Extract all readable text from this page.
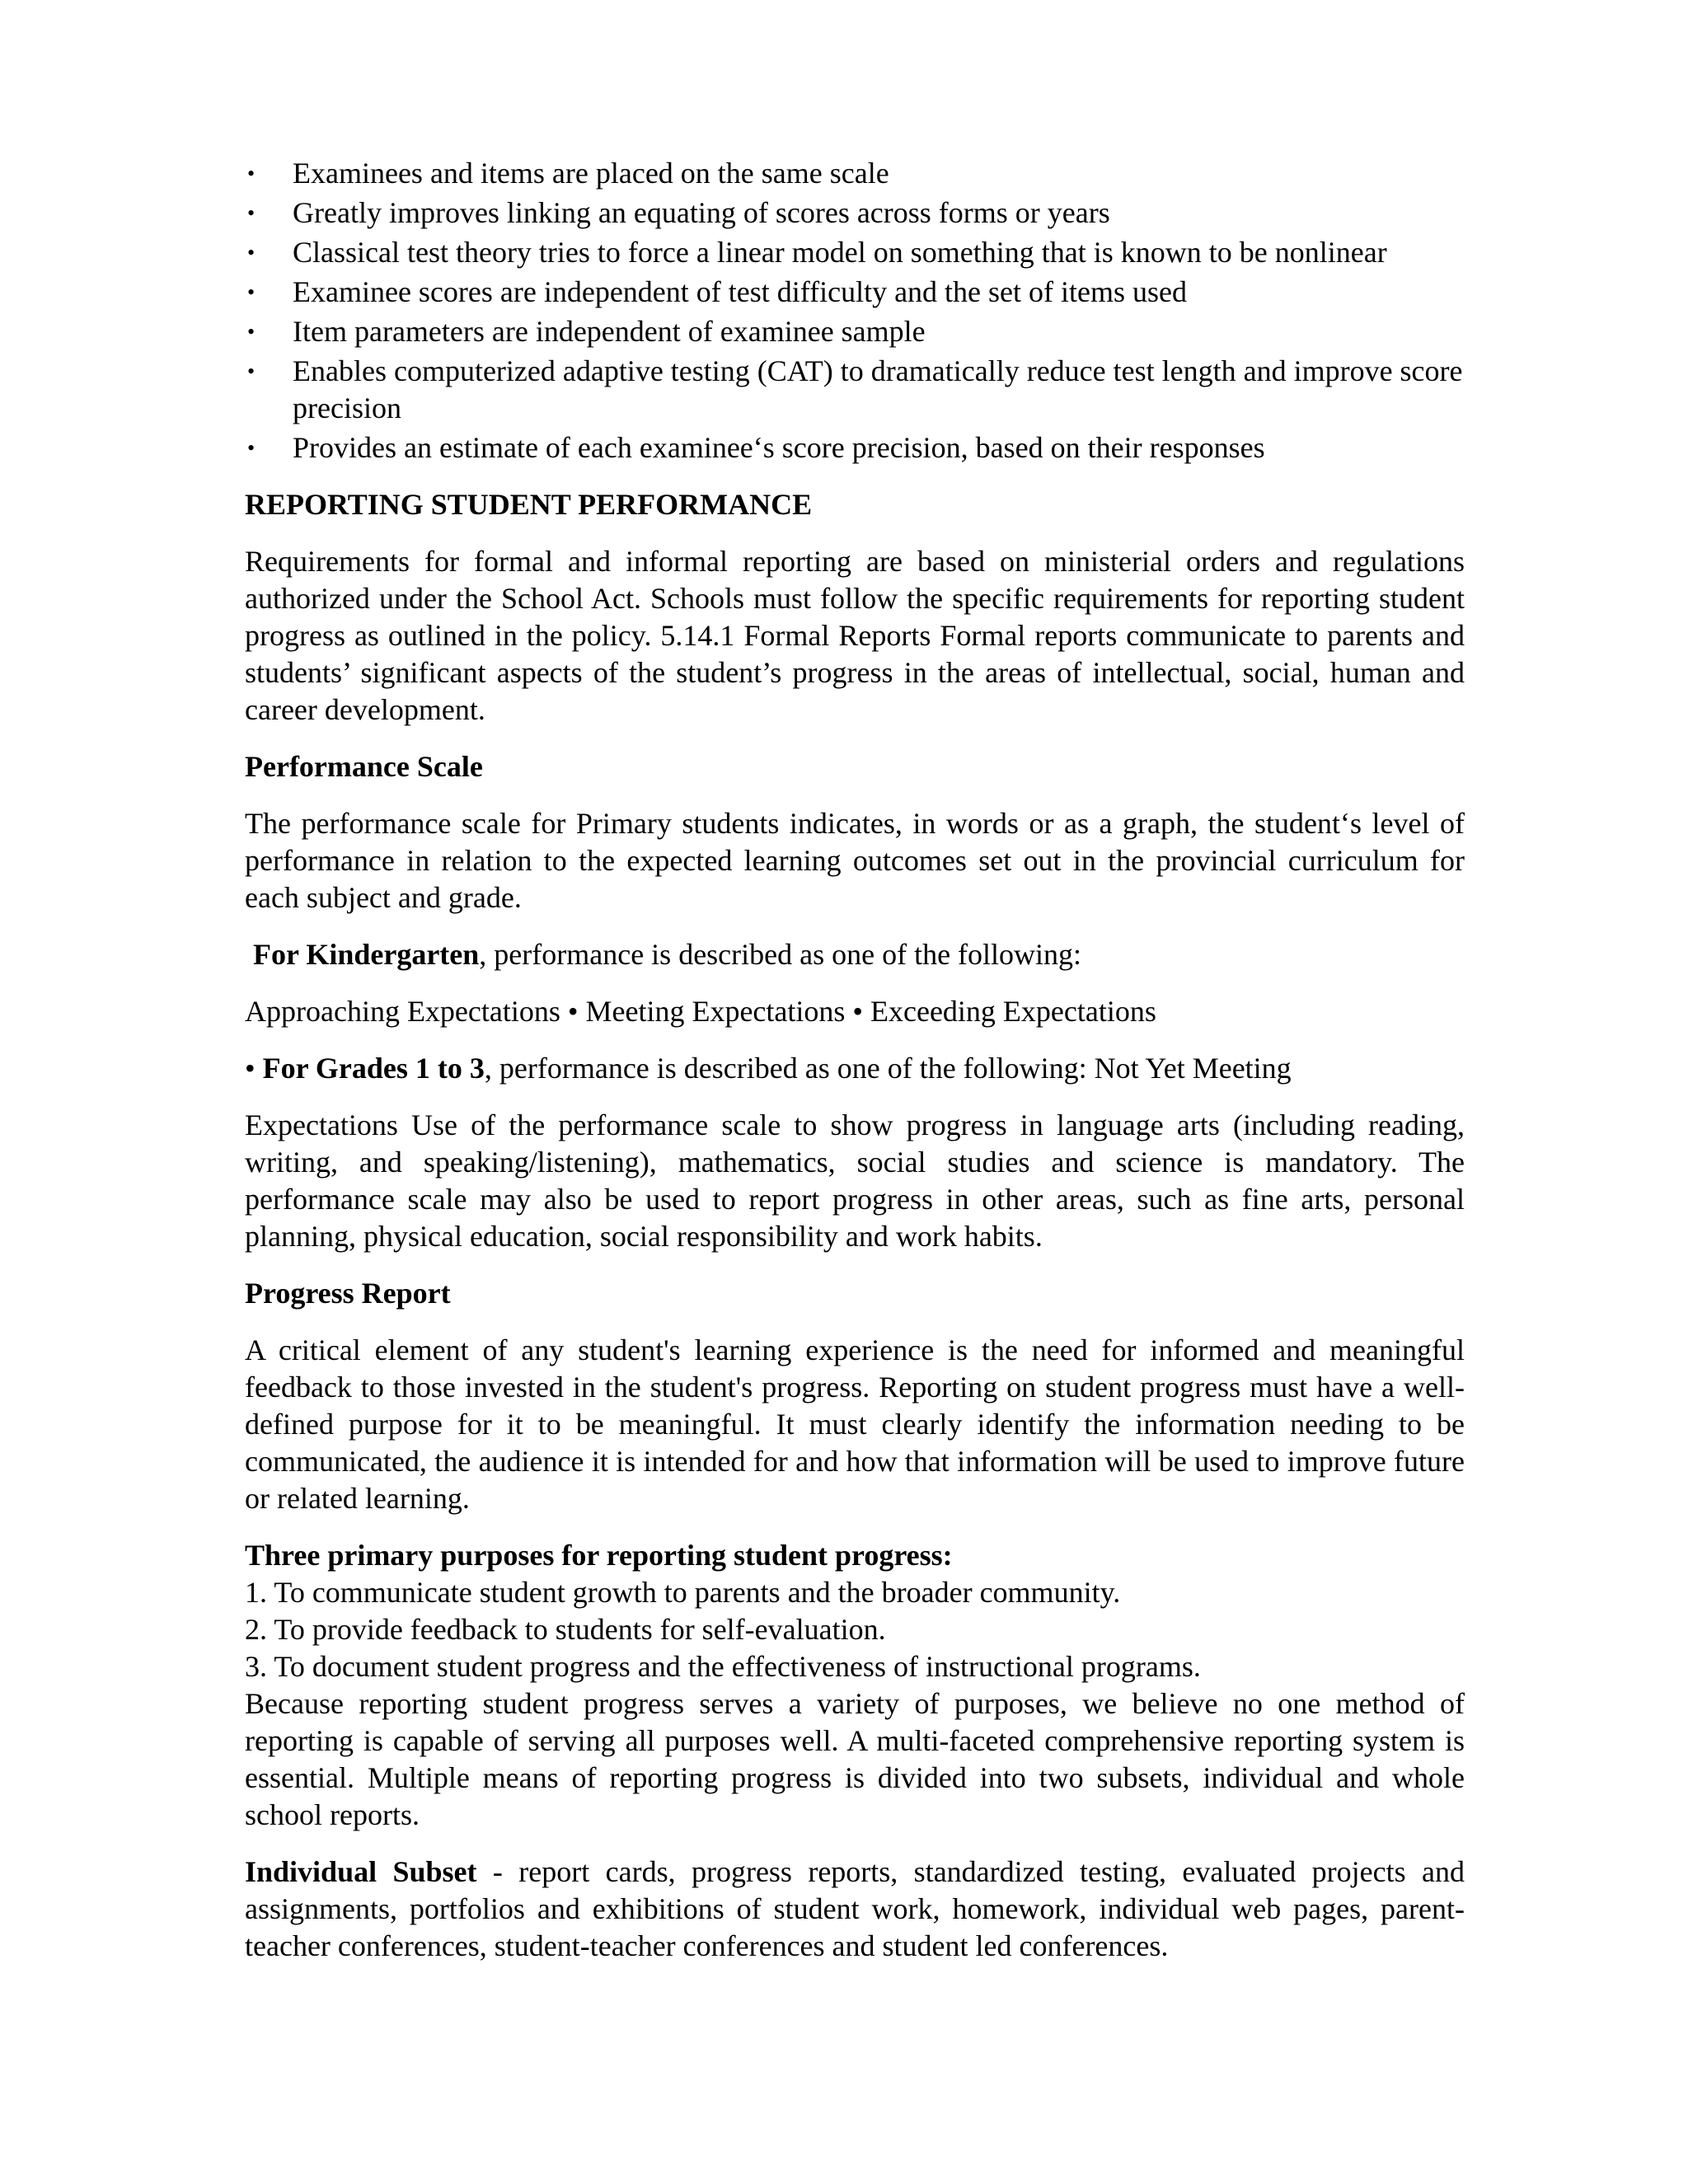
• Examinees and items are placed on the same scale
• Greatly improves linking an equating of scores across forms or years
• Classical test theory tries to force a linear model on something that is known to be nonlinear
• Examinee scores are independent of test difficulty and the set of items used
• Item parameters are independent of examinee sample
• Enables computerized adaptive testing (CAT) to dramatically reduce test length and improve score precision
• Provides an estimate of each examinee‘s score precision, based on their responses
REPORTING STUDENT PERFORMANCE
Requirements for formal and informal reporting are based on ministerial orders and regulations authorized under the School Act. Schools must follow the specific requirements for reporting student progress as outlined in the policy. 5.14.1 Formal Reports Formal reports communicate to parents and students’ significant aspects of the student’s progress in the areas of intellectual, social, human and career development.
Performance Scale
The performance scale for Primary students indicates, in words or as a graph, the student‘s level of performance in relation to the expected learning outcomes set out in the provincial curriculum for each subject and grade.
For Kindergarten, performance is described as one of the following:
Approaching Expectations • Meeting Expectations • Exceeding Expectations
• For Grades 1 to 3, performance is described as one of the following: Not Yet Meeting
Expectations Use of the performance scale to show progress in language arts (including reading, writing, and speaking/listening), mathematics, social studies and science is mandatory. The performance scale may also be used to report progress in other areas, such as fine arts, personal planning, physical education, social responsibility and work habits.
Progress Report
A critical element of any student's learning experience is the need for informed and meaningful feedback to those invested in the student's progress. Reporting on student progress must have a well-defined purpose for it to be meaningful. It must clearly identify the information needing to be communicated, the audience it is intended for and how that information will be used to improve future or related learning.
Three primary purposes for reporting student progress:
1. To communicate student growth to parents and the broader community.
2. To provide feedback to students for self-evaluation.
3. To document student progress and the effectiveness of instructional programs.
Because reporting student progress serves a variety of purposes, we believe no one method of reporting is capable of serving all purposes well. A multi-faceted comprehensive reporting system is essential. Multiple means of reporting progress is divided into two subsets, individual and whole school reports.
Individual Subset - report cards, progress reports, standardized testing, evaluated projects and assignments, portfolios and exhibitions of student work, homework, individual web pages, parent-teacher conferences, student-teacher conferences and student led conferences.
